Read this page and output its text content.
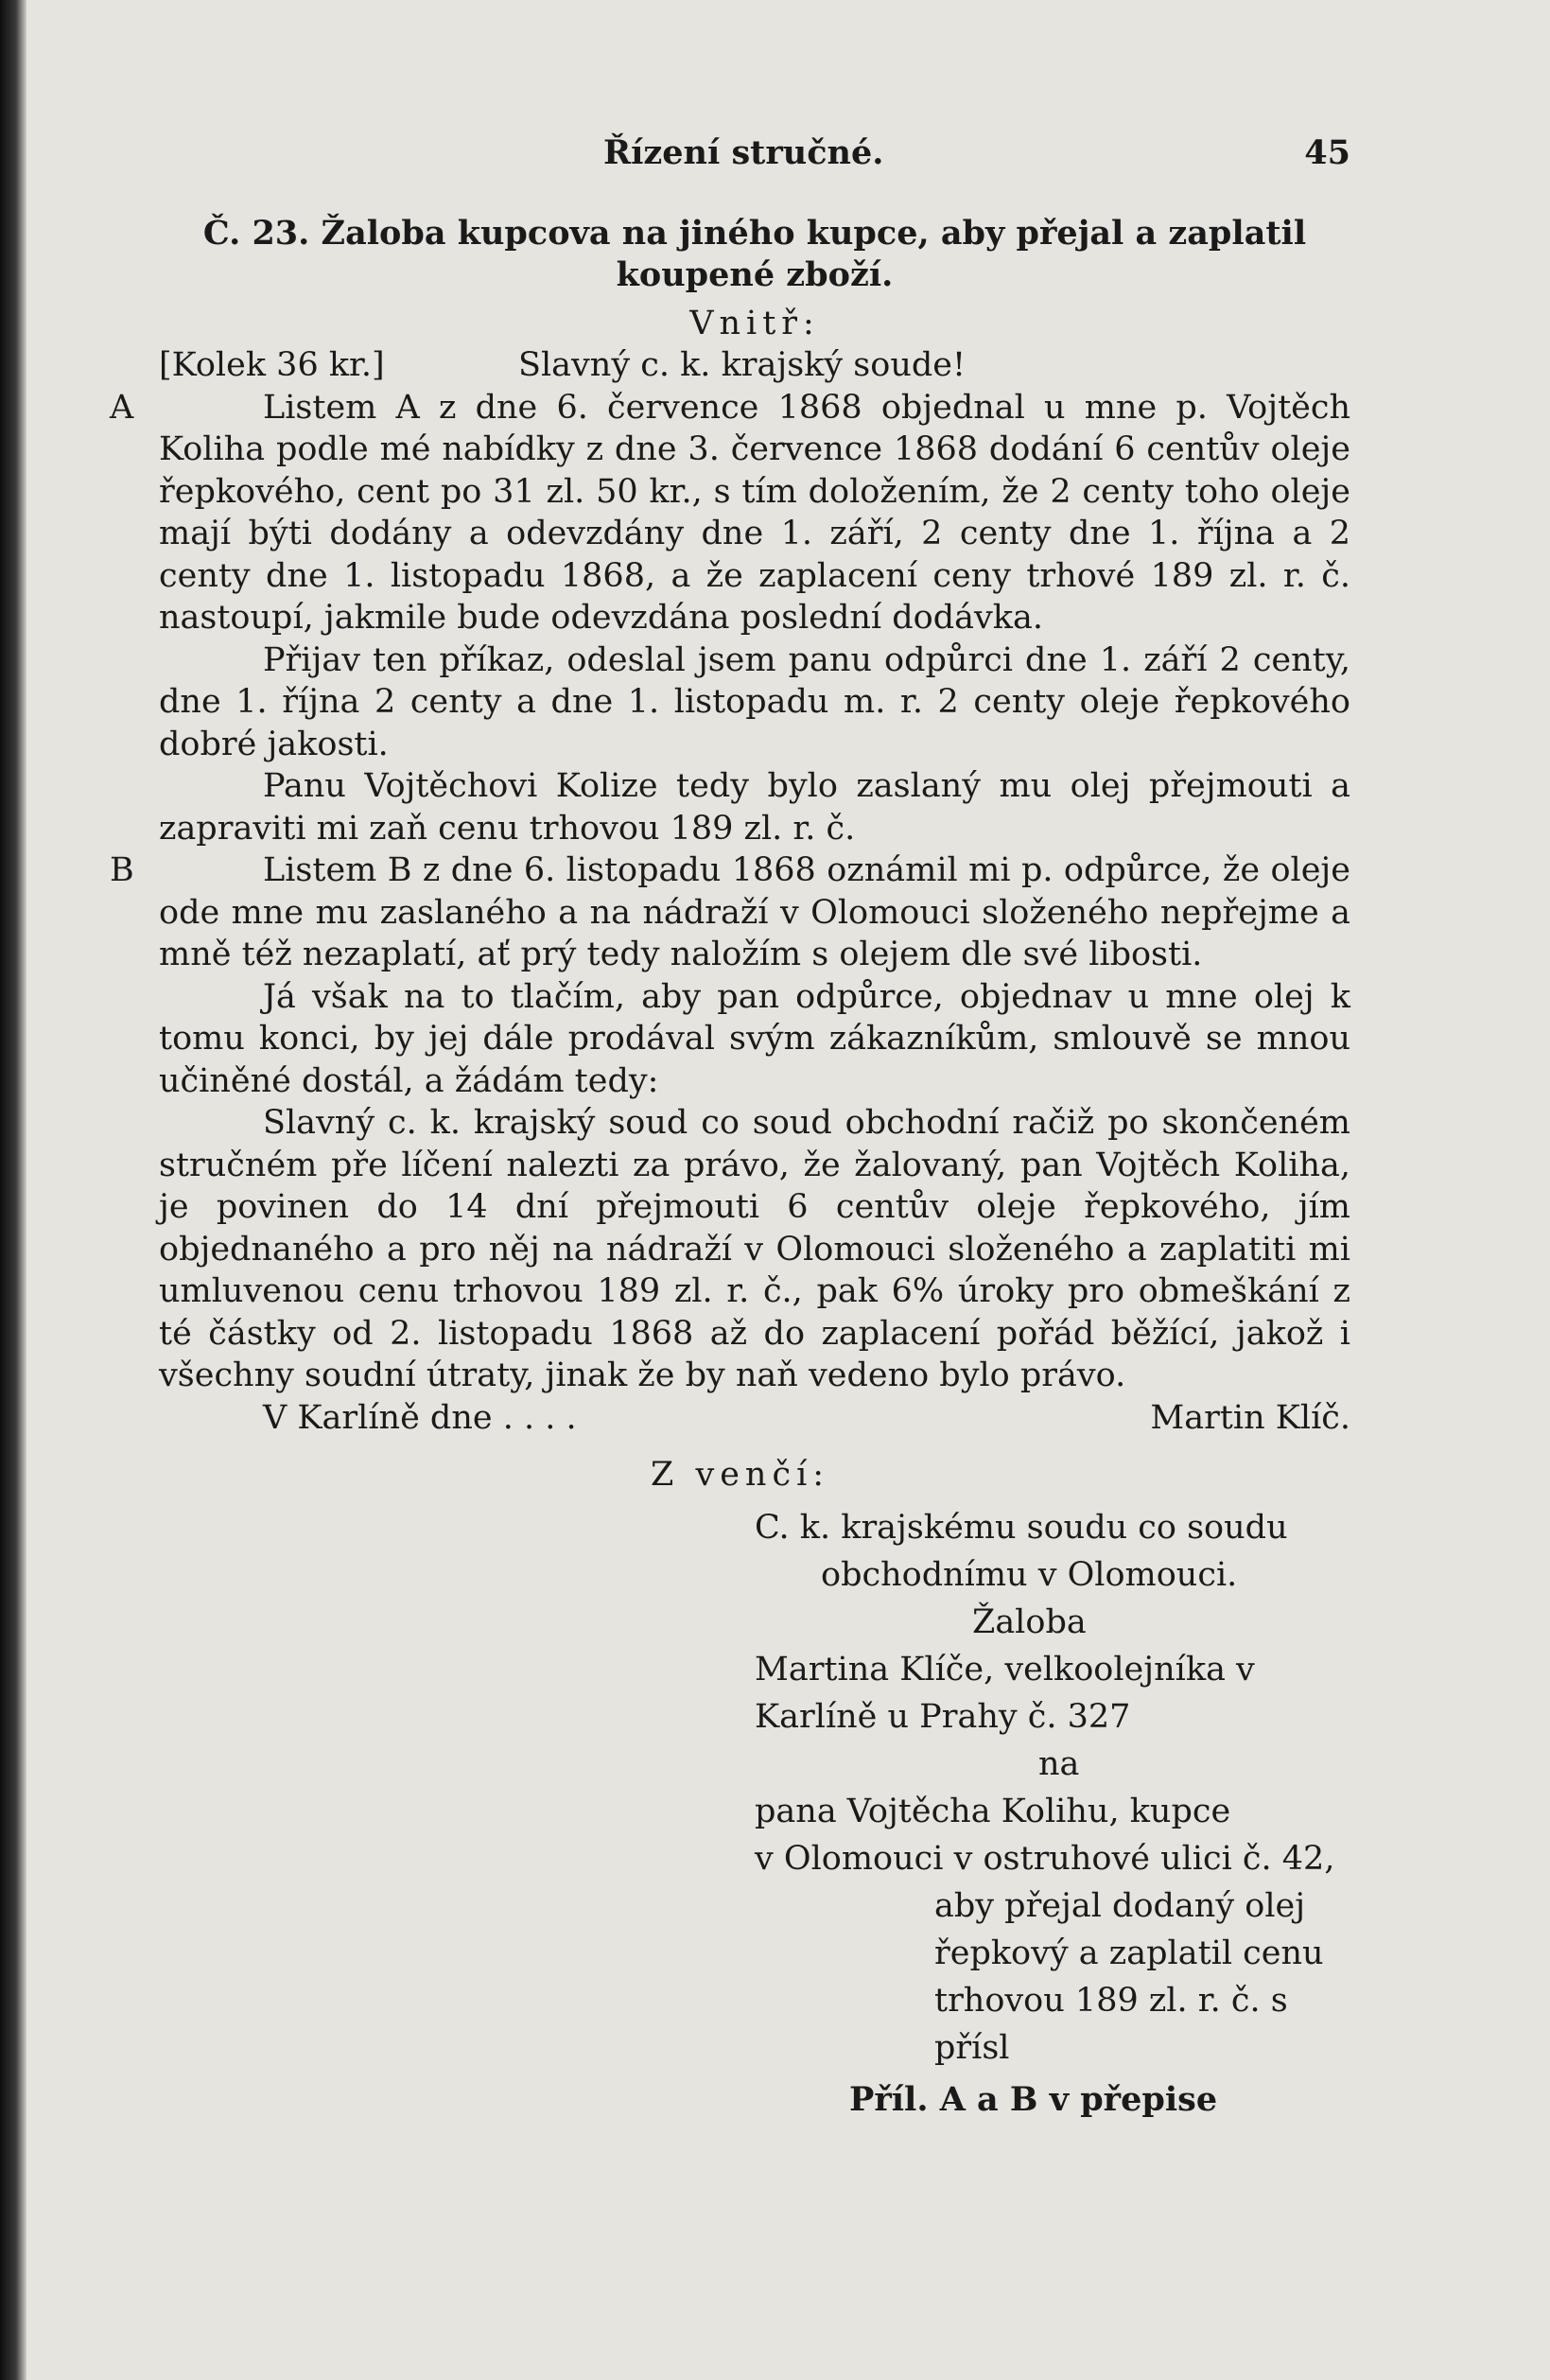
Řízení stručné.	45
Č. 23. Žaloba kupcova na jiného kupce, aby přejal a zaplatil koupené zboží.
Vnitř:
[Kolek 36 kr.]	Slavný c. k. krajský soude!

A	Listem A z dne 6. července 1868 objednal u mne p. Vojtěch Koliha podle mé nabídky z dne 3. července 1868 dodání 6 centův oleje řepkového, cent po 31 zl. 50 kr., s tím doložením, že 2 centy toho oleje mají býti dodány a odevzdány dne 1. září, 2 centy dne 1. října a 2 centy dne 1. listopadu 1868, a že zaplacení ceny trhové 189 zl. r. č. nastoupí, jakmile bude odevzdána poslední dodávka.

Přijav ten příkaz, odeslal jsem panu odpůrci dne 1. září 2 centy, dne 1. října 2 centy a dne 1. listopadu m. r. 2 centy oleje řepkového dobré jakosti.

Panu Vojtěchovi Kolize tedy bylo zaslaný mu olej přejmouti a zapraviti mi zaň cenu trhovou 189 zl. r. č.

B	Listem B z dne 6. listopadu 1868 oznámil mi p. odpůrce, že oleje ode mne mu zaslaného a na nádraží v Olomouci složeného nepřejme a mně též nezaplatí, ať prý tedy naložím s olejem dle své libosti.

Já však na to tlačím, aby pan odpůrce, objednav u mne olej k tomu konci, by jej dále prodával svým zákazníkům, smlouvě se mnou učiněné dostál, a žádám tedy:

Slavný c. k. krajský soud co soud obchodní račiž po skončeném stručném pře líčení nalezti za právo, že žalovaný, pan Vojtěch Koliha, je povinen do 14 dní přejmouti 6 centův oleje řepkového, jím objednaného a pro něj na nádraží v Olomouci složeného a zaplatiti mi umluvenou cenu trhovou 189 zl. r. č., pak 6% úroky pro obmeškání z té částky od 2. listopadu 1868 až do zaplacení pořád běžící, jakož i všechny soudní útraty, jinak že by naň vedeno bylo právo.

V Karlíně dne . . . .	Martin Klíč.
Z venčí:
C. k. krajskému soudu co soudu
obchodnímu v Olomouci.
Žaloba
Martina Klíče, velkoolejníka v
Karlíně u Prahy č. 327
na
pana Vojtěcha Kolihu, kupce
v Olomouci v ostruhové ulici č. 42,
aby přejal dodaný olej
řepkový a zaplatil cenu
trhovou 189 zl. r. č. s přísl
Příl. A a B v přepise
